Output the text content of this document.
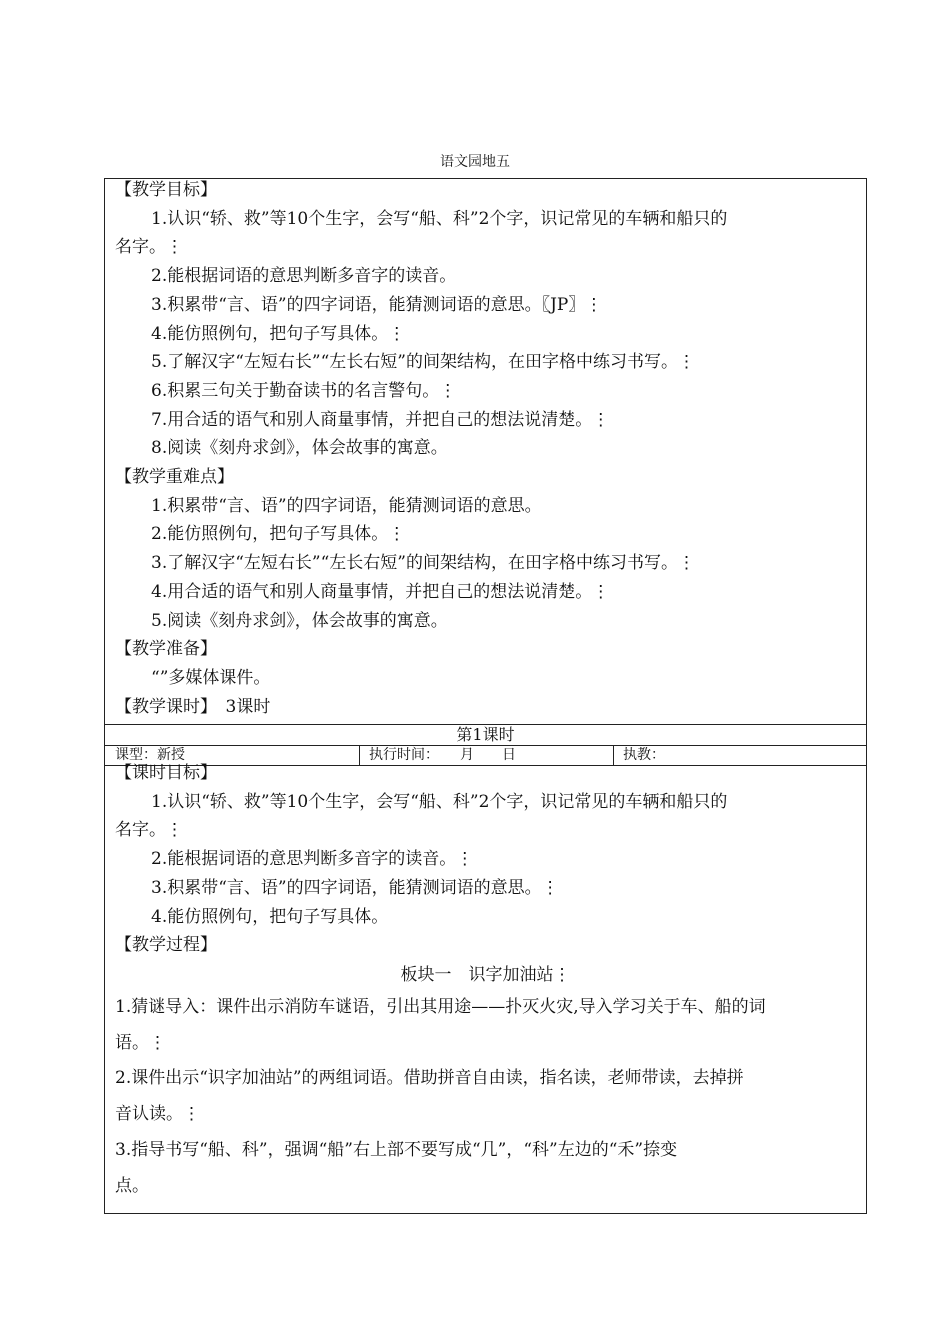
语文园地五
【教学目标】
1.认识“轿、救”等10个生字，会写“船、科”2个字，识记常见的车辆和船只的
名字。⋮
2.能根据词语的意思判断多音字的读音。
3.积累带“言、语”的四字词语，能猜测词语的意思。〖JP〗⋮
4.能仿照例句，把句子写具体。⋮
5.了解汉字“左短右长”“左长右短”的间架结构，在田字格中练习书写。⋮
6.积累三句关于勤奋读书的名言警句。⋮
7.用合适的语气和别人商量事情，并把自己的想法说清楚。⋮
8.阅读《刻舟求剑》，体会故事的寓意。
【教学重难点】
1.积累带“言、语”的四字词语，能猜测词语的意思。
2.能仿照例句，把句子写具体。⋮
3.了解汉字“左短右长”“左长右短”的间架结构，在田字格中练习书写。⋮
4.用合适的语气和别人商量事情，并把自己的想法说清楚。⋮
5.阅读《刻舟求剑》，体会故事的寓意。
【教学准备】
“”多媒体课件。
【教学课时】　3课时
第1课时
课型：新授	执行时间：　　月　　日	执教：
【课时目标】
1.认识“轿、救”等10个生字，会写“船、科”2个字，识记常见的车辆和船只的
名字。⋮
2.能根据词语的意思判断多音字的读音。⋮
3.积累带“言、语”的四字词语，能猜测词语的意思。⋮
4.能仿照例句，把句子写具体。
【教学过程】
板块一　识字加油站⋮
1.猜谜导入：课件出示消防车谜语，引出其用途——扑灭火灾,导入学习关于车、船的词
语。⋮
2.课件出示“识字加油站”的两组词语。借助拼音自由读，指名读，老师带读，去掉拼
音认读。⋮
3.指导书写“船、科”，强调“船”右上部不要写成“几”，“科”左边的“禾”捺变
点。
